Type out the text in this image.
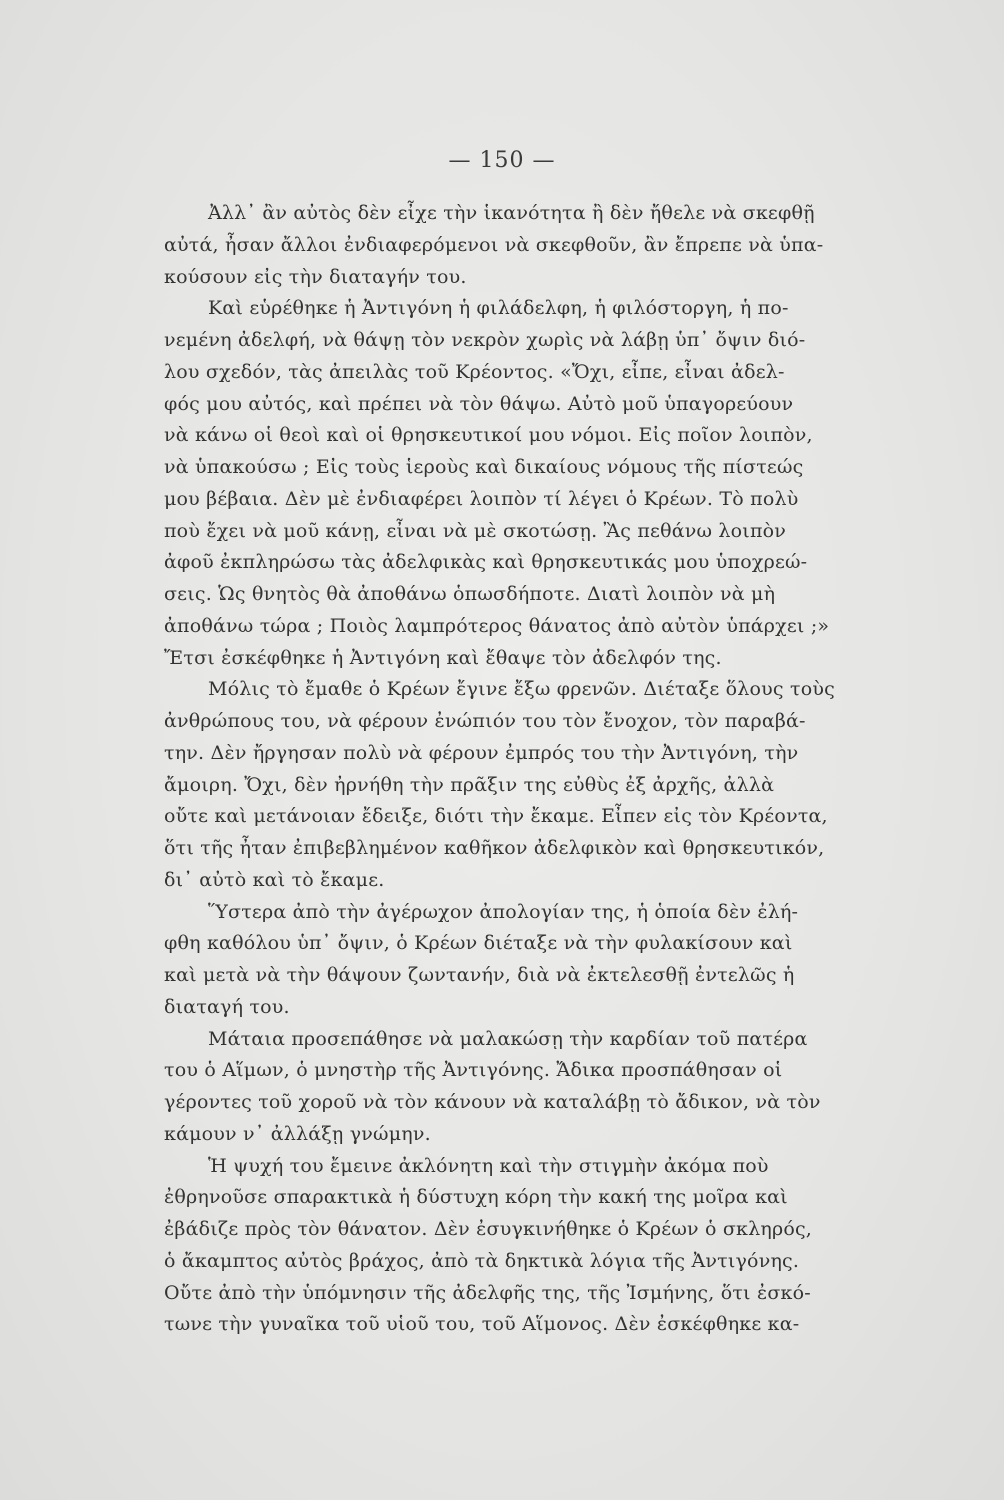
— 150 —
Ἀλλ᾽ ἂν αὐτὸς δὲν εἶχε τὴν ἱκανότητα ἢ δὲν ἤθελε νὰ σκεφθῇ
αὐτά, ἦσαν ἄλλοι ἐνδιαφερόμενοι νὰ σκεφθοῦν, ἂν ἔπρεπε νὰ ὑπα-
κούσουν εἰς τὴν διαταγήν του.
Καὶ εὑρέθηκε ἡ Ἀντιγόνη ἡ φιλάδελφη, ἡ φιλόστοργη, ἡ πο-
νεμένη ἀδελφή, νὰ θάψῃ τὸν νεκρὸν χωρὶς νὰ λάβῃ ὑπ᾽ ὄψιν διό-
λου σχεδόν, τὰς ἀπειλὰς τοῦ Κρέοντος. «Ὄχι, εἶπε, εἶναι ἀδελ-
φός μου αὐτός, καὶ πρέπει νὰ τὸν θάψω. Αὐτὸ μοῦ ὑπαγορεύουν
νὰ κάνω οἱ θεοὶ καὶ οἱ θρησκευτικοί μου νόμοι. Εἰς ποῖον λοιπὸν,
νὰ ὑπακούσω ; Εἰς τοὺς ἱεροὺς καὶ δικαίους νόμους τῆς πίστεώς
μου βέβαια. Δὲν μὲ ἐνδιαφέρει λοιπὸν τί λέγει ὁ Κρέων. Τὸ πολὺ
ποὺ ἔχει νὰ μοῦ κάνῃ, εἶναι νὰ μὲ σκοτώσῃ. Ἂς πεθάνω λοιπὸν
ἀφοῦ ἐκπληρώσω τὰς ἀδελφικὰς καὶ θρησκευτικάς μου ὑποχρεώ-
σεις. Ὡς θνητὸς θὰ ἀποθάνω ὁπωσδήποτε. Διατὶ λοιπὸν νὰ μὴ
ἀποθάνω τώρα ; Ποιὸς λαμπρότερος θάνατος ἀπὸ αὐτὸν ὑπάρχει ;»
Ἔτσι ἐσκέφθηκε ἡ Ἀντιγόνη καὶ ἔθαψε τὸν ἀδελφόν της.
Μόλις τὸ ἔμαθε ὁ Κρέων ἔγινε ἔξω φρενῶν. Διέταξε ὅλους τοὺς
ἀνθρώπους του, νὰ φέρουν ἐνώπιόν του τὸν ἔνοχον, τὸν παραβά-
την. Δὲν ἤργησαν πολὺ νὰ φέρουν ἐμπρός του τὴν Ἀντιγόνη, τὴν
ἄμοιρη. Ὄχι, δὲν ἠρνήθη τὴν πρᾶξιν της εὐθὺς ἐξ ἀρχῆς, ἀλλὰ
οὔτε καὶ μετάνοιαν ἔδειξε, διότι τὴν ἔκαμε. Εἶπεν εἰς τὸν Κρέοντα,
ὅτι τῆς ἦταν ἐπιβεβλημένον καθῆκον ἀδελφικὸν καὶ θρησκευτικόν,
δι᾽ αὐτὸ καὶ τὸ ἔκαμε.
Ὕστερα ἀπὸ τὴν ἀγέρωχον ἀπολογίαν της, ἡ ὁποία δὲν ἐλή-
φθη καθόλου ὑπ᾽ ὄψιν, ὁ Κρέων διέταξε νὰ τὴν φυλακίσουν καὶ
καὶ μετὰ νὰ τὴν θάψουν ζωντανήν, διὰ νὰ ἐκτελεσθῇ ἐντελῶς ἡ
διαταγή του.
Μάταια προσεπάθησε νὰ μαλακώσῃ τὴν καρδίαν τοῦ πατέρα
του ὁ Αἵμων, ὁ μνηστὴρ τῆς Ἀντιγόνης. Ἄδικα προσπάθησαν οἱ
γέροντες τοῦ χοροῦ νὰ τὸν κάνουν νὰ καταλάβῃ τὸ ἄδικον, νὰ τὸν
κάμουν ν᾽ ἀλλάξῃ γνώμην.
Ἡ ψυχή του ἔμεινε ἀκλόνητη καὶ τὴν στιγμὴν ἀκόμα ποὺ
ἐθρηνοῦσε σπαρακτικὰ ἡ δύστυχη κόρη τὴν κακή της μοῖρα καὶ
ἐβάδιζε πρὸς τὸν θάνατον. Δὲν ἐσυγκινήθηκε ὁ Κρέων ὁ σκληρός,
ὁ ἄκαμπτος αὐτὸς βράχος, ἀπὸ τὰ δηκτικὰ λόγια τῆς Ἀντιγόνης.
Οὔτε ἀπὸ τὴν ὑπόμνησιν τῆς ἀδελφῆς της, τῆς Ἰσμήνης, ὅτι ἐσκό-
τωνε τὴν γυναῖκα τοῦ υἱοῦ του, τοῦ Αἵμονος. Δὲν ἐσκέφθηκε κα-
